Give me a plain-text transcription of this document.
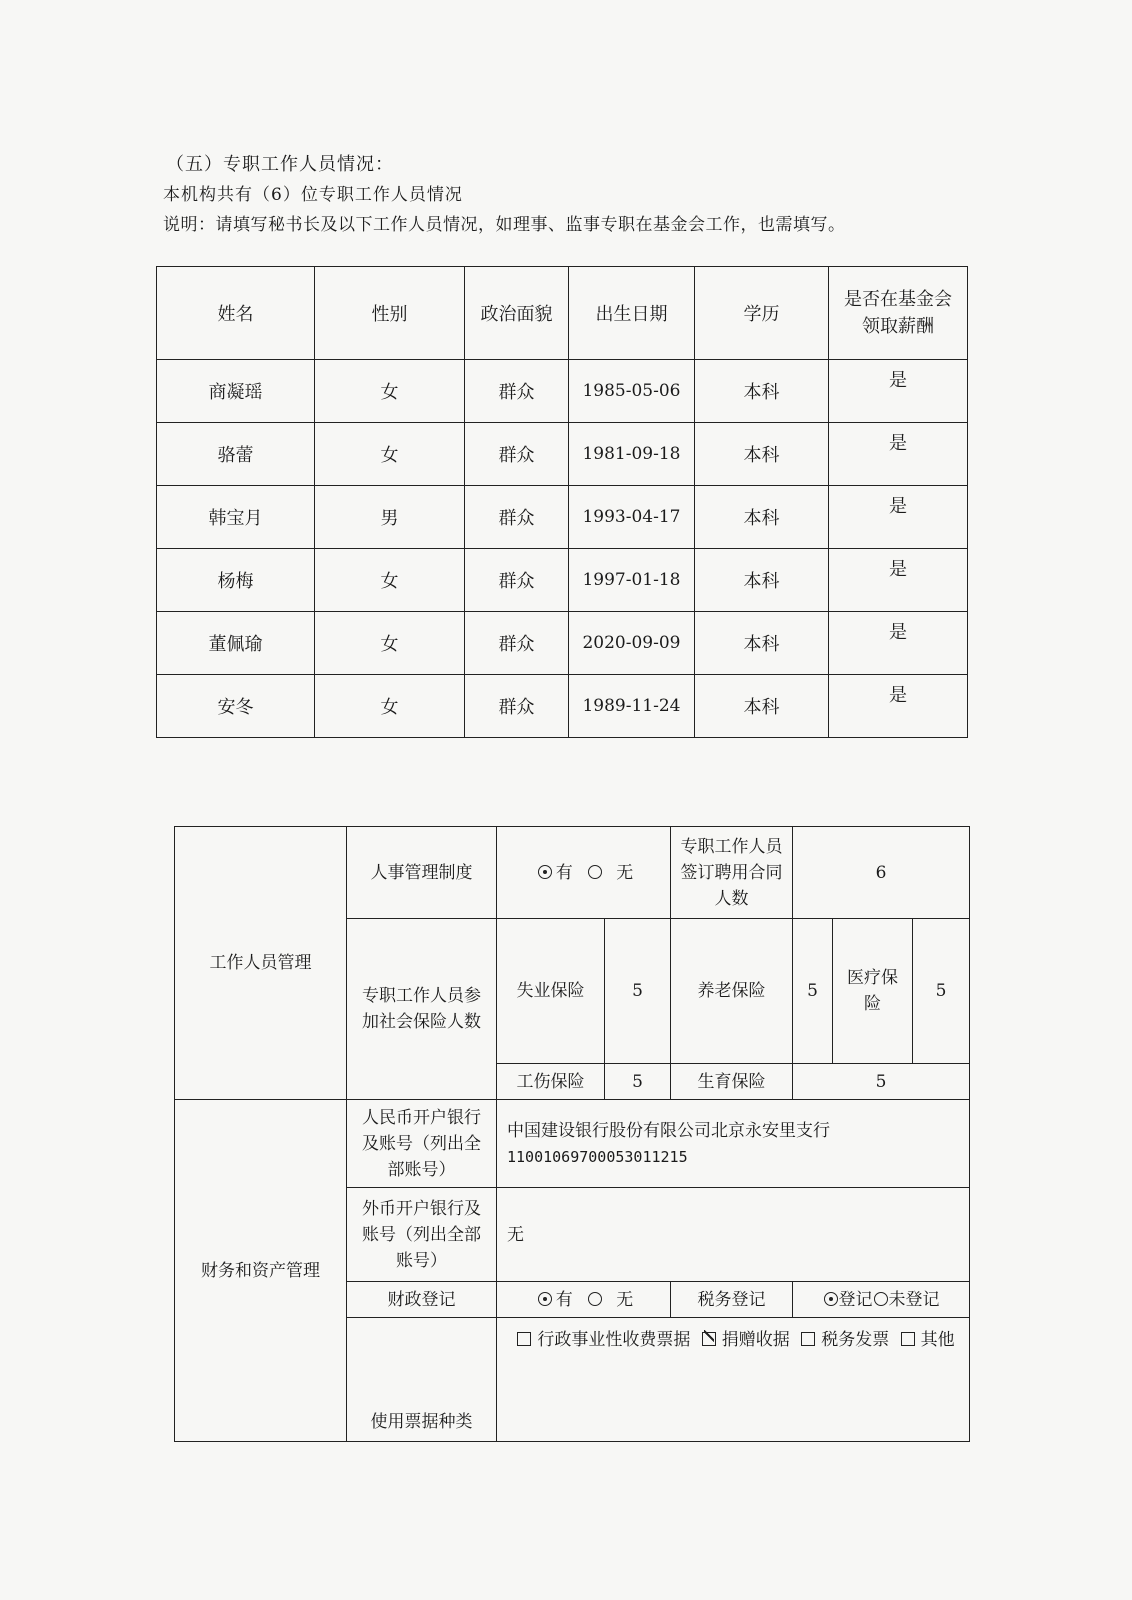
（五）专职工作人员情况：
本机构共有（6）位专职工作人员情况
说明：请填写秘书长及以下工作人员情况，如理事、监事专职在基金会工作，也需填写。
姓名	性别	政治面貌	出生日期	学历	是否在基金会领取薪酬
商凝瑶	女	群众	1985-05-06	本科	是
骆蕾	女	群众	1981-09-18	本科	是
韩宝月	男	群众	1993-04-17	本科	是
杨梅	女	群众	1997-01-18	本科	是
董佩瑜	女	群众	2020-09-09	本科	是
安冬	女	群众	1989-11-24	本科	是
工作人员管理	人事管理制度	有 无		专职工作人员签订聘用合同人数	6		
	专职工作人员参加社会保险人数	失业保险	5	养老保险	5	医疗保险	5
		工伤保险	5	生育保险	5		
财务和资产管理	人民币开户银行及账号（列出全部账号）	中国建设银行股份有限公司北京永安里支行
11001069700053011215					

	外币开户银行及账号（列出全部账号）	无					
	财政登记	有 无		税务登记	登记 未登记		
	使用票据种类	行政事业性收费票据 捐赠收据 税务发票 其他					
